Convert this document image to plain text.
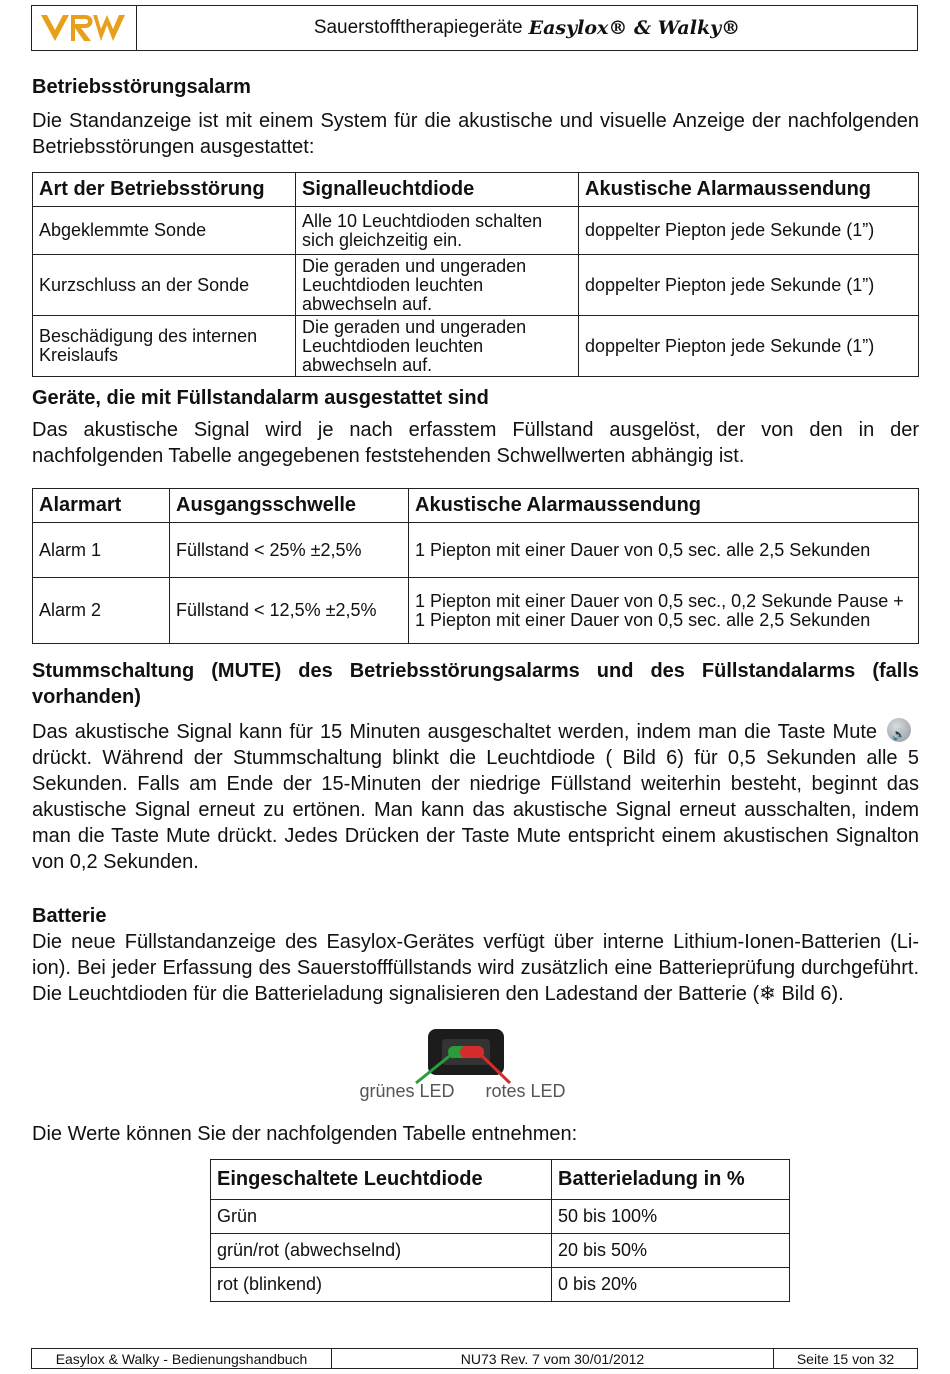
Sauerstofftherapiegeräte Easylox® & Walky®
Betriebsstörungsalarm

Die Standanzeige ist mit einem System für die akustische und visuelle Anzeige der nachfolgenden Betriebsstörungen ausgestattet:

Art der Betriebsstörung	Signalleuchtdiode	Akustische Alarmaussendung
Abgeklemmte Sonde	Alle 10 Leuchtdioden schalten sich gleichzeitig ein.	doppelter Piepton jede Sekunde (1”)
Kurzschluss an der Sonde	Die geraden und ungeraden Leuchtdioden leuchten abwechseln auf.	doppelter Piepton jede Sekunde (1”)
Beschädigung des internen Kreislaufs	Die geraden und ungeraden Leuchtdioden leuchten abwechseln auf.	doppelter Piepton jede Sekunde (1”)
Geräte, die mit Füllstandalarm ausgestattet sind

Das akustische Signal wird je nach erfasstem Füllstand ausgelöst, der von den in der nachfolgenden Tabelle angegebenen feststehenden Schwellwerten abhängig ist.

Alarmart	Ausgangsschwelle	Akustische Alarmaussendung
Alarm 1	Füllstand < 25% ±2,5%	1 Piepton mit einer Dauer von 0,5 sec. alle 2,5 Sekunden
Alarm 2	Füllstand < 12,5% ±2,5%	1 Piepton mit einer Dauer von 0,5 sec., 0,2 Sekunde Pause + 1 Piepton mit einer Dauer von 0,5 sec. alle 2,5 Sekunden
Stummschaltung (MUTE) des Betriebsstörungsalarms und des Füllstandalarms (falls vorhanden)

Das akustische Signal kann für 15 Minuten ausgeschaltet werden, indem man die Taste Mute🔊drückt. Während der Stummschaltung blinkt die Leuchtdiode ( Bild 6) für 0,5 Sekunden alle 5 Sekunden. Falls am Ende der 15-Minuten der niedrige Füllstand weiterhin besteht, beginnt das akustische Signal erneut zu ertönen. Man kann das akustische Signal erneut ausschalten, indem man die Taste Mute drückt. Jedes Drücken der Taste Mute entspricht einem akustischen Signalton von 0,2 Sekunden.

Batterie

Die neue Füllstandanzeige des Easylox-Gerätes verfügt über interne Lithium-Ionen-Batterien (Li-ion). Bei jeder Erfassung des Sauerstofffüllstands wird zusätzlich eine Batterieprüfung durchgeführt. Die Leuchtdioden für die Batterieladung signalisieren den Ladestand der Batterie (❄ Bild 6).

grünes LED rotes LED

Die Werte können Sie der nachfolgenden Tabelle entnehmen:

Eingeschaltete Leuchtdiode	Batterieladung in %
Grün	50 bis 100%
grün/rot (abwechselnd)	20 bis 50%
rot (blinkend)	0 bis 20%
Easylox & Walky - Bedienungshandbuch	NU73 Rev. 7 vom 30/01/2012	Seite 15 von 32
